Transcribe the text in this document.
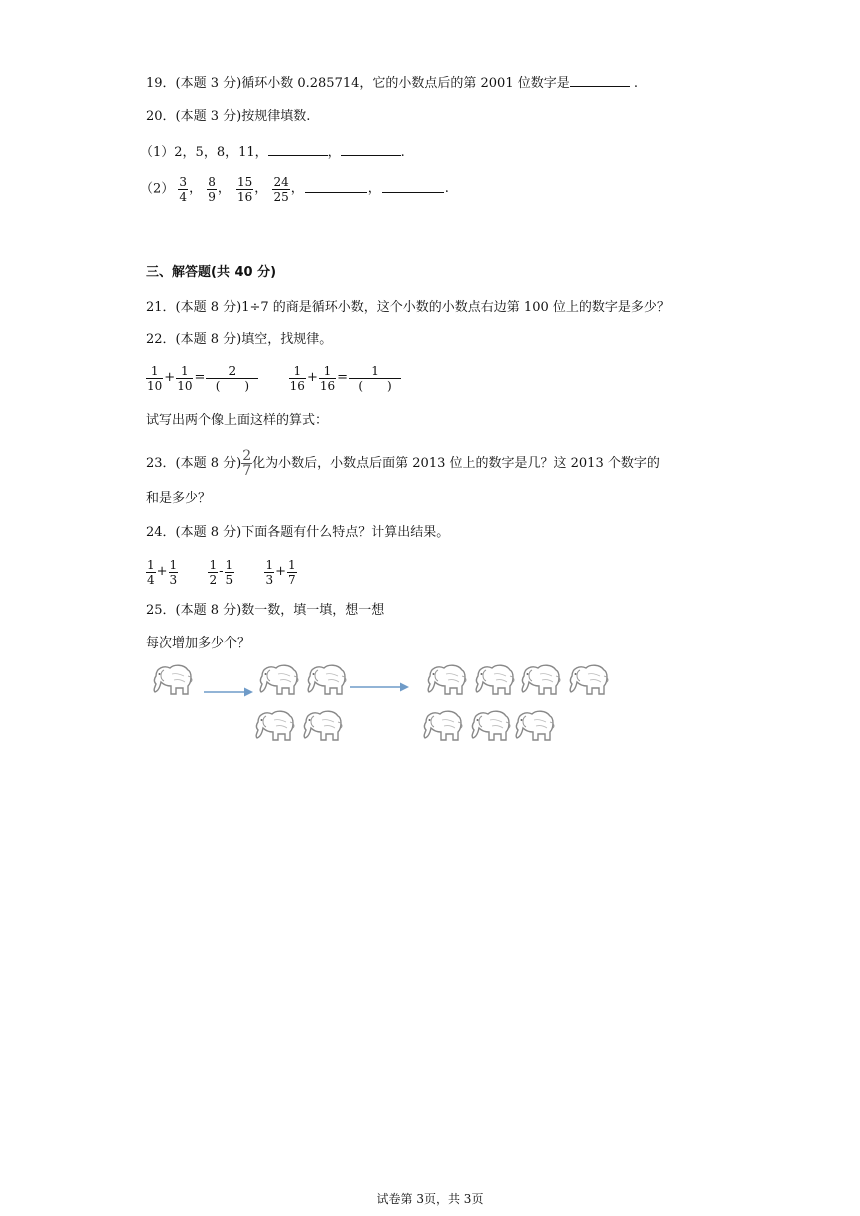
19．(本题 3 分)循环小数 0.285714，它的小数点后的第 2001 位数字是	.
20．(本题 3 分)按规律填数.
（1）2，5，8，11，	，	.
$(2) \frac{3}{4}$ ， $\frac{8}{9}$ ， $\frac{15}{16}$ ， $\frac{24}{25}$ ，	，	.
三、解答题(共 40 分)
21．(本题 8 分)1÷7 的商是循环小数，这个小数的小数点右边第 100 位上的数字是多少？
22．(本题 8 分)填空，找规律。
$\frac{1}{10} + \frac{1}{10} = \frac{2}{( )}$
	$\frac{1}{16} + \frac{1}{16} = \frac{1}{( )}$
试写出两个像上面这样的算式：
23．(本题 8 分) $\frac{2}{7}$ 化为小数后，小数点后面第 2013 位上的数字是几？这 2013 个数字的
和是多少？
24．(本题 8 分)下面各题有什么特点？计算出结果。
$\frac{1}{4} + \frac{1}{3}$
	$\frac{1}{2} - \frac{1}{5}$
	$\frac{1}{3} + \frac{1}{7}$
25．(本题 8 分)数一数，填一填，想一想
每次增加多少个？
试卷第 3页，共 3页
